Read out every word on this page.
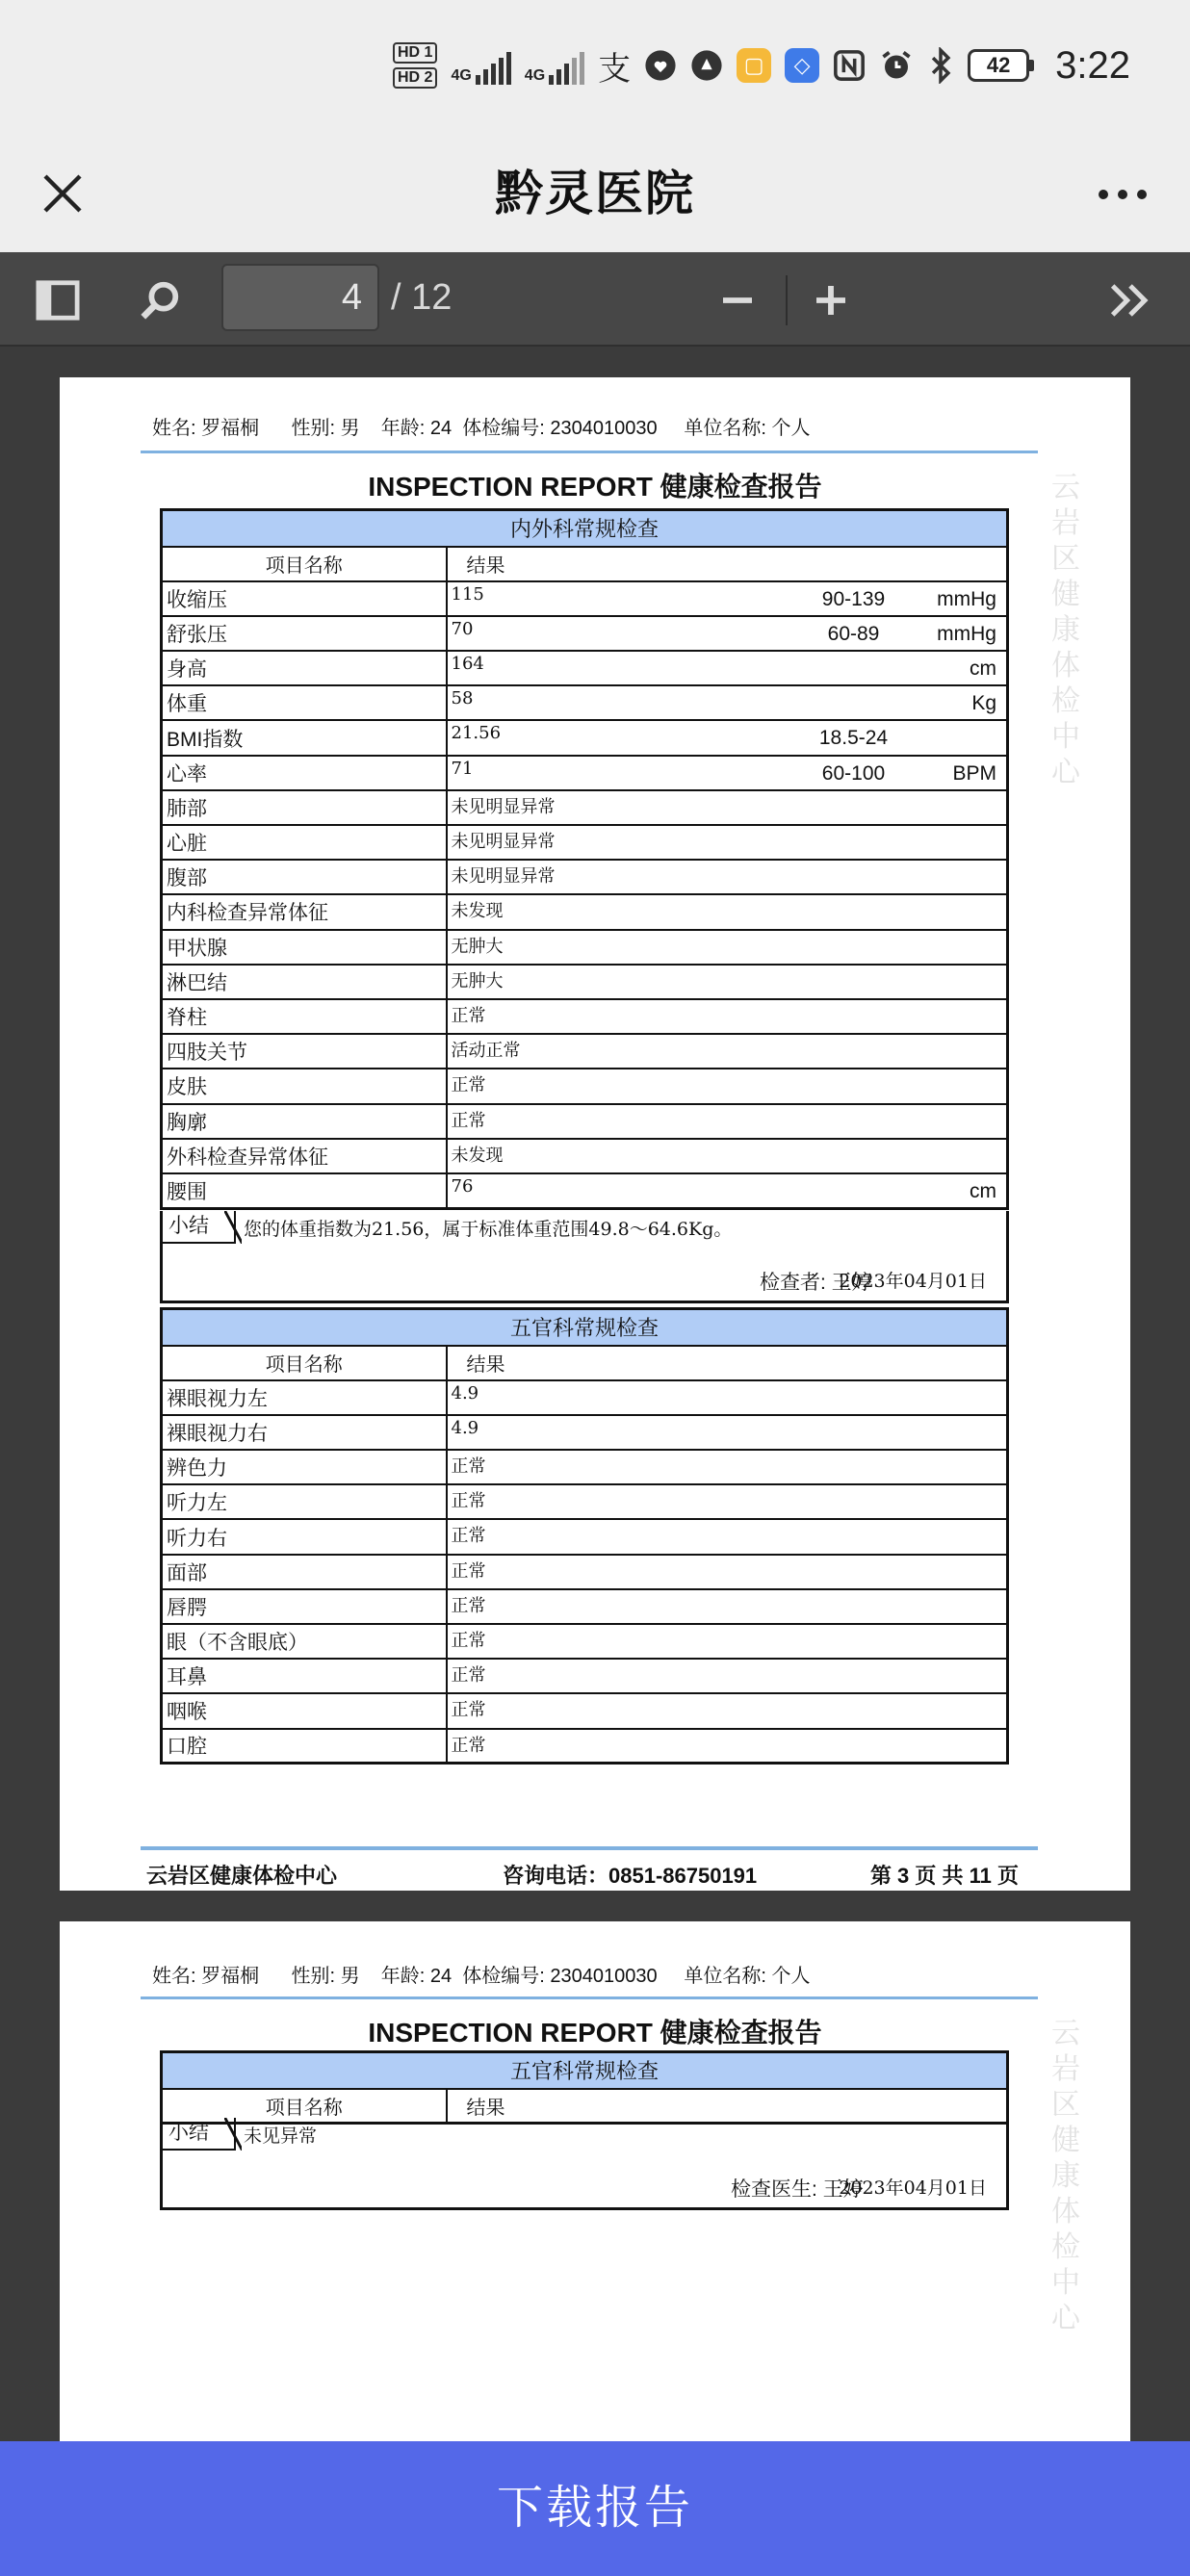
HD 1
HD 2	4G	4G 支	▢	◇	42 3:22
黔灵医院
4
/ 12
姓名: 罗福桐      性别: 男    年龄: 24  体检编号: 2304010030     单位名称: 个人
INSPECTION REPORT 健康检查报告	云
岩
区
健
康
体
检
中
心
内外科常规检查	
项目名称	结果
收缩压	115 90-139 mmHg

舒张压	70 60-89 mmHg

身高	164 cm

体重	58 Kg

BMI指数	21.56 18.5-24

心率	71 60-100 BPM

肺部	未见明显异常

心脏	未见明显异常

腹部	未见明显异常

内科检查异常体征	未发现

甲状腺	无肿大

淋巴结	无肿大

脊柱	正常

四肢关节	活动正常

皮肤	正常

胸廓	正常

外科检查异常体征	未发现

腰围	76 cm
小结	您的体重指数为21.56，属于标准体重范围49.8～64.6Kg。
检查者: 王婷
2023年04月01日
五官科常规检查	
项目名称	结果
裸眼视力左	4.9

裸眼视力右	4.9

辨色力	正常

听力左	正常

听力右	正常

面部	正常

唇腭	正常

眼（不含眼底）	正常

耳鼻	正常

咽喉	正常

口腔	正常
云岩区健康体检中心	咨询电话：0851-86750191	第 3 页 共 11 页
姓名: 罗福桐      性别: 男    年龄: 24  体检编号: 2304010030     单位名称: 个人
INSPECTION REPORT 健康检查报告	云
岩
区
健
康
体
检
中
心
五官科常规检查
项目名称	结果
小结	未见异常
检查医生: 王婷
2023年04月01日
下载报告
